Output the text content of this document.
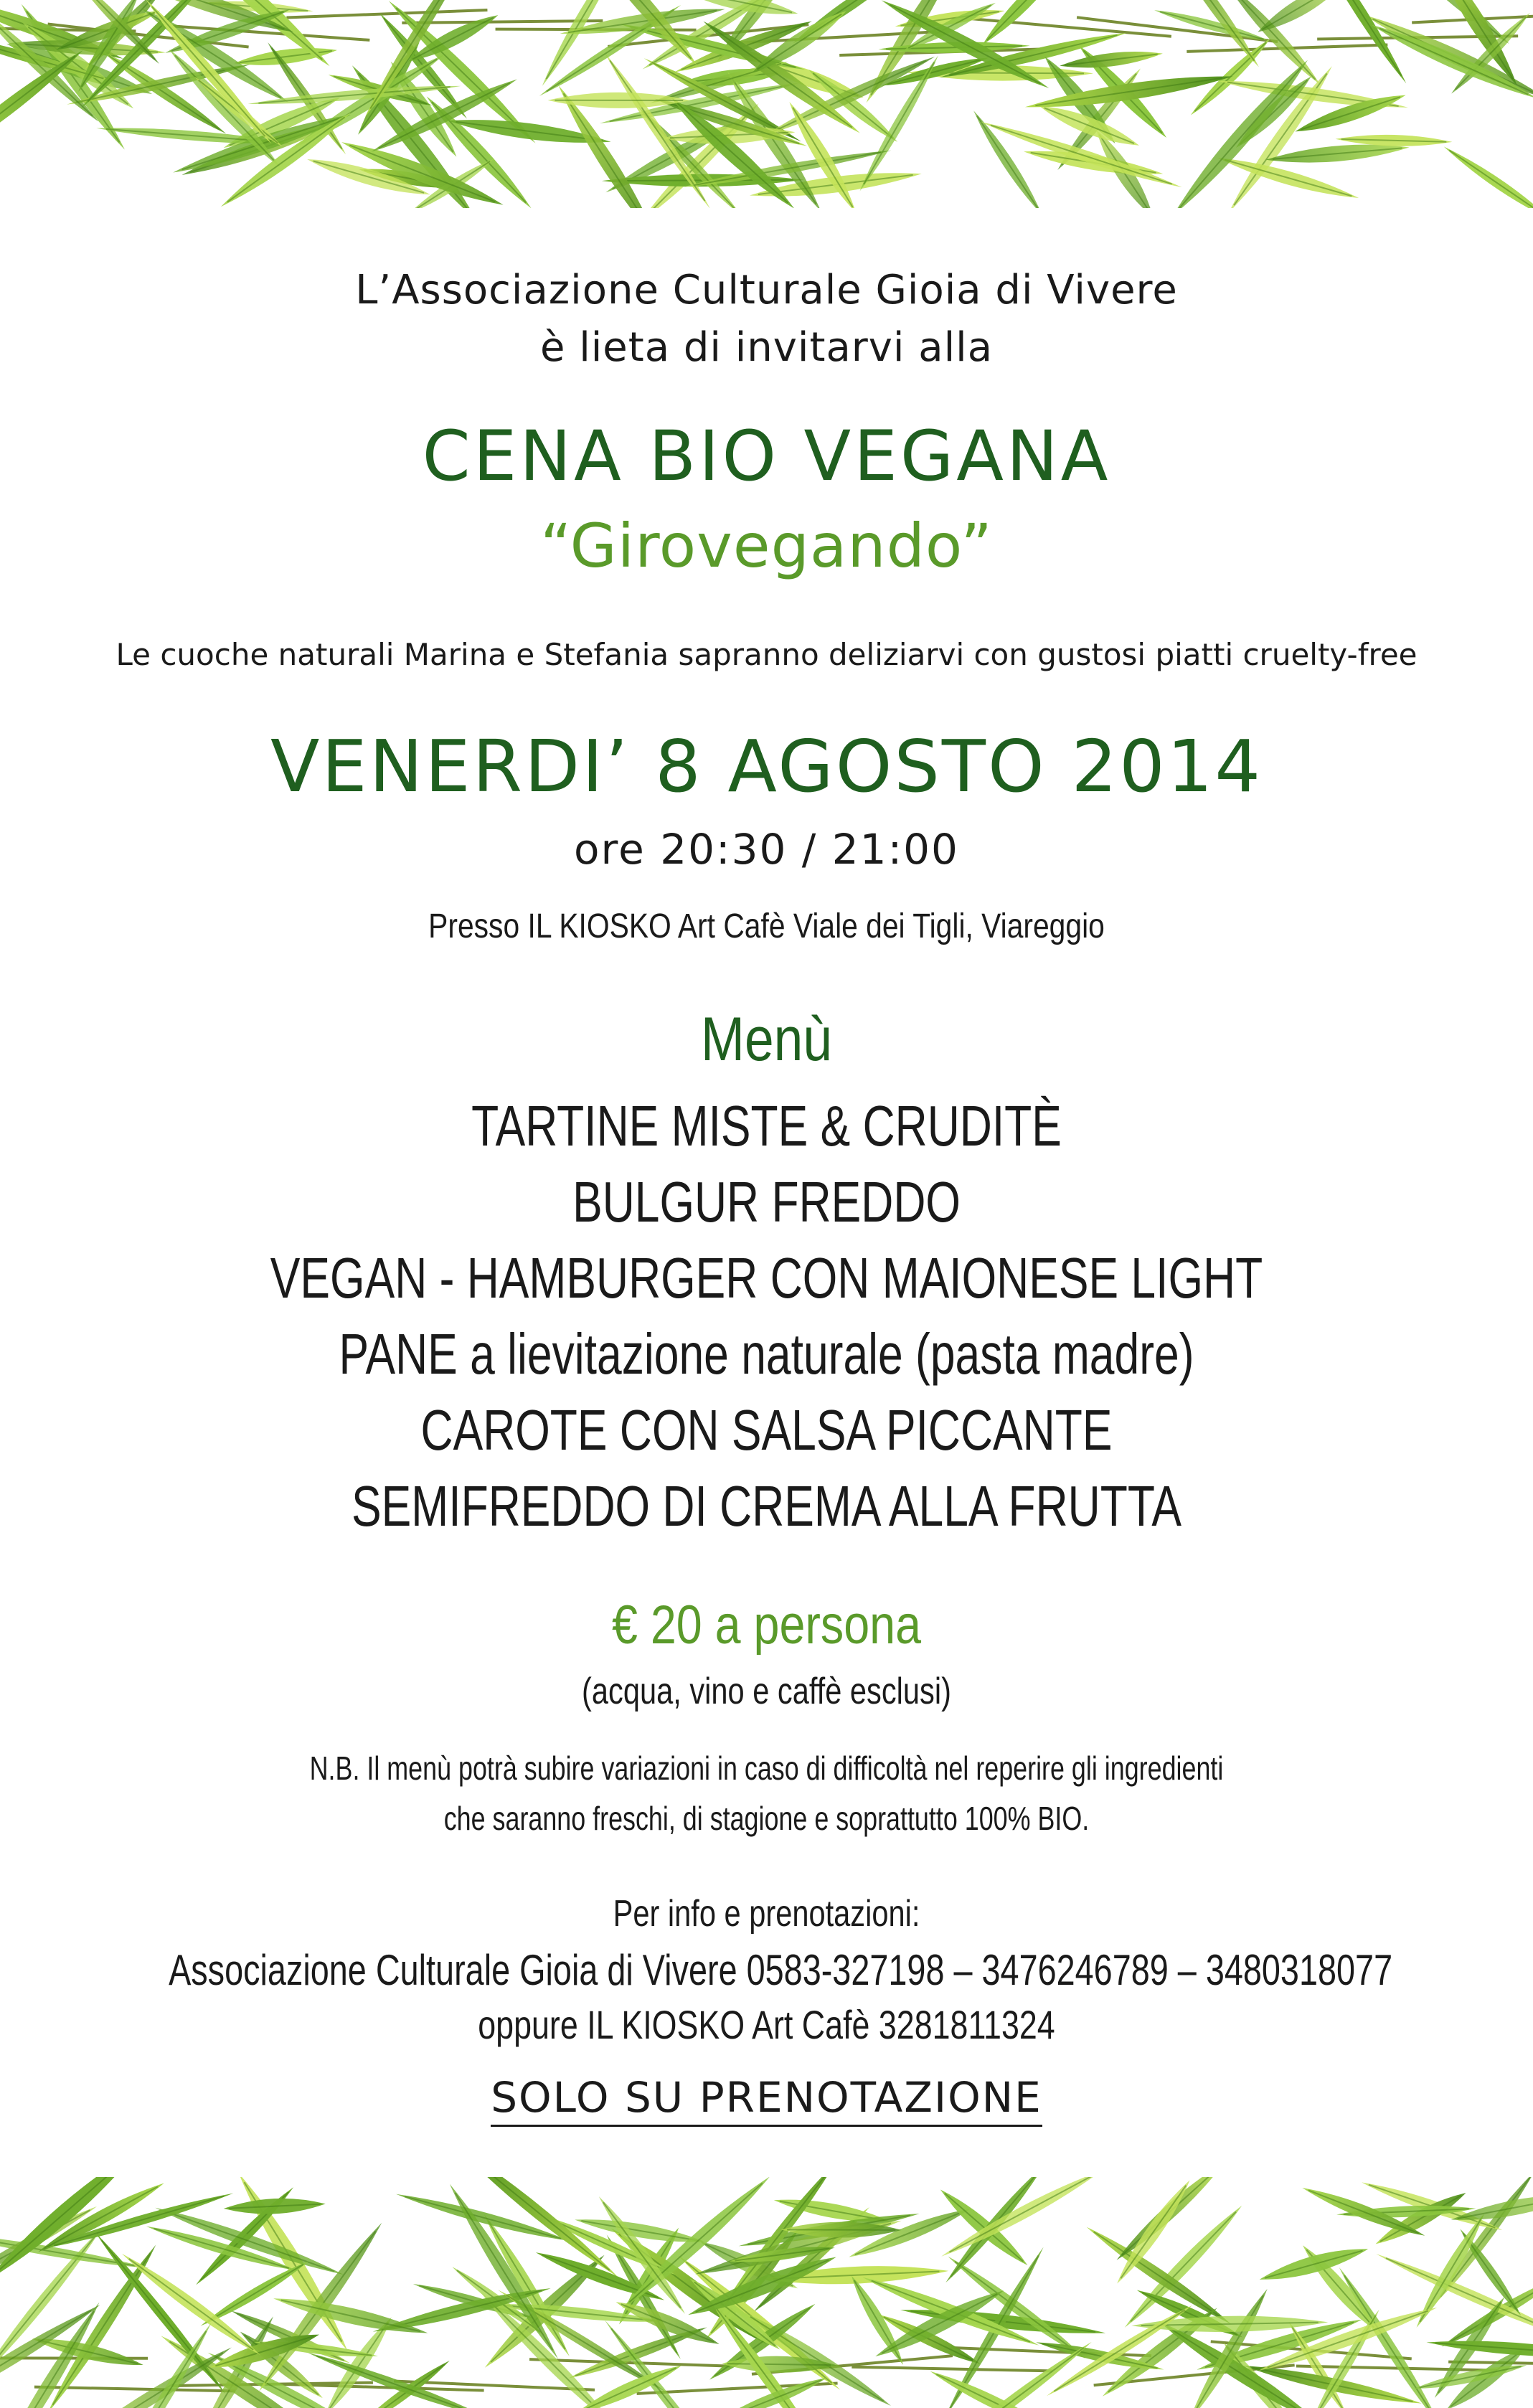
L’Associazione Culturale Gioia di Vivere
è lieta di invitarvi alla
CENA BIO VEGANA
“Girovegando”
Le cuoche naturali Marina e Stefania sapranno deliziarvi con gustosi piatti cruelty-free
VENERDI’ 8 AGOSTO 2014
ore 20:30 / 21:00
Presso IL KIOSKO Art Cafè Viale dei Tigli, Viareggio
Menù
TARTINE MISTE & CRUDITÈ
BULGUR FREDDO
VEGAN - HAMBURGER CON MAIONESE LIGHT
PANE a lievitazione naturale (pasta madre)
CAROTE CON SALSA PICCANTE
SEMIFREDDO DI CREMA ALLA FRUTTA
€ 20 a persona
(acqua, vino e caffè esclusi)
N.B. Il menù potrà subire variazioni in caso di difficoltà nel reperire gli ingredienti
che saranno freschi, di stagione e soprattutto 100% BIO.
Per info e prenotazioni:
Associazione Culturale Gioia di Vivere 0583-327198 – 3476246789 – 3480318077
oppure IL KIOSKO Art Cafè 3281811324
SOLO SU PRENOTAZIONE
